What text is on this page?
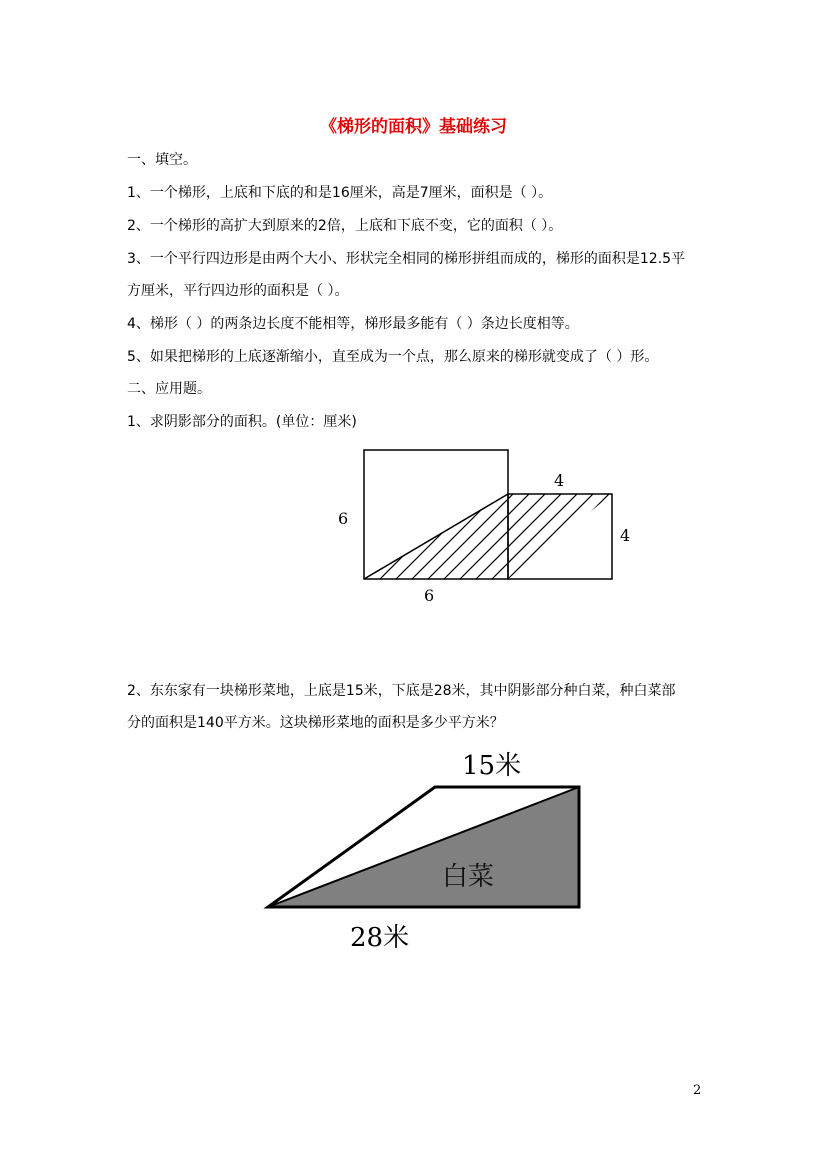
《梯形的面积》基础练习
一、填空。
1、一个梯形，上底和下底的和是16厘米，高是7厘米，面积是（ ）。
2、一个梯形的高扩大到原来的2倍，上底和下底不变，它的面积（ ）。
3、一个平行四边形是由两个大小、形状完全相同的梯形拼组而成的，梯形的面积是12.5平
方厘米，平行四边形的面积是（ ）。
4、梯形（ ）的两条边长度不能相等，梯形最多能有（ ）条边长度相等。
5、如果把梯形的上底逐渐缩小，直至成为一个点，那么原来的梯形就变成了（ ）形。
二、应用题。
1、求阴影部分的面积。(单位：厘米)
6
4
4
6
2、东东家有一块梯形菜地，上底是15米，下底是28米，其中阴影部分种白菜，种白菜部
分的面积是140平方米。这块梯形菜地的面积是多少平方米？
15米
白菜
28米
2
